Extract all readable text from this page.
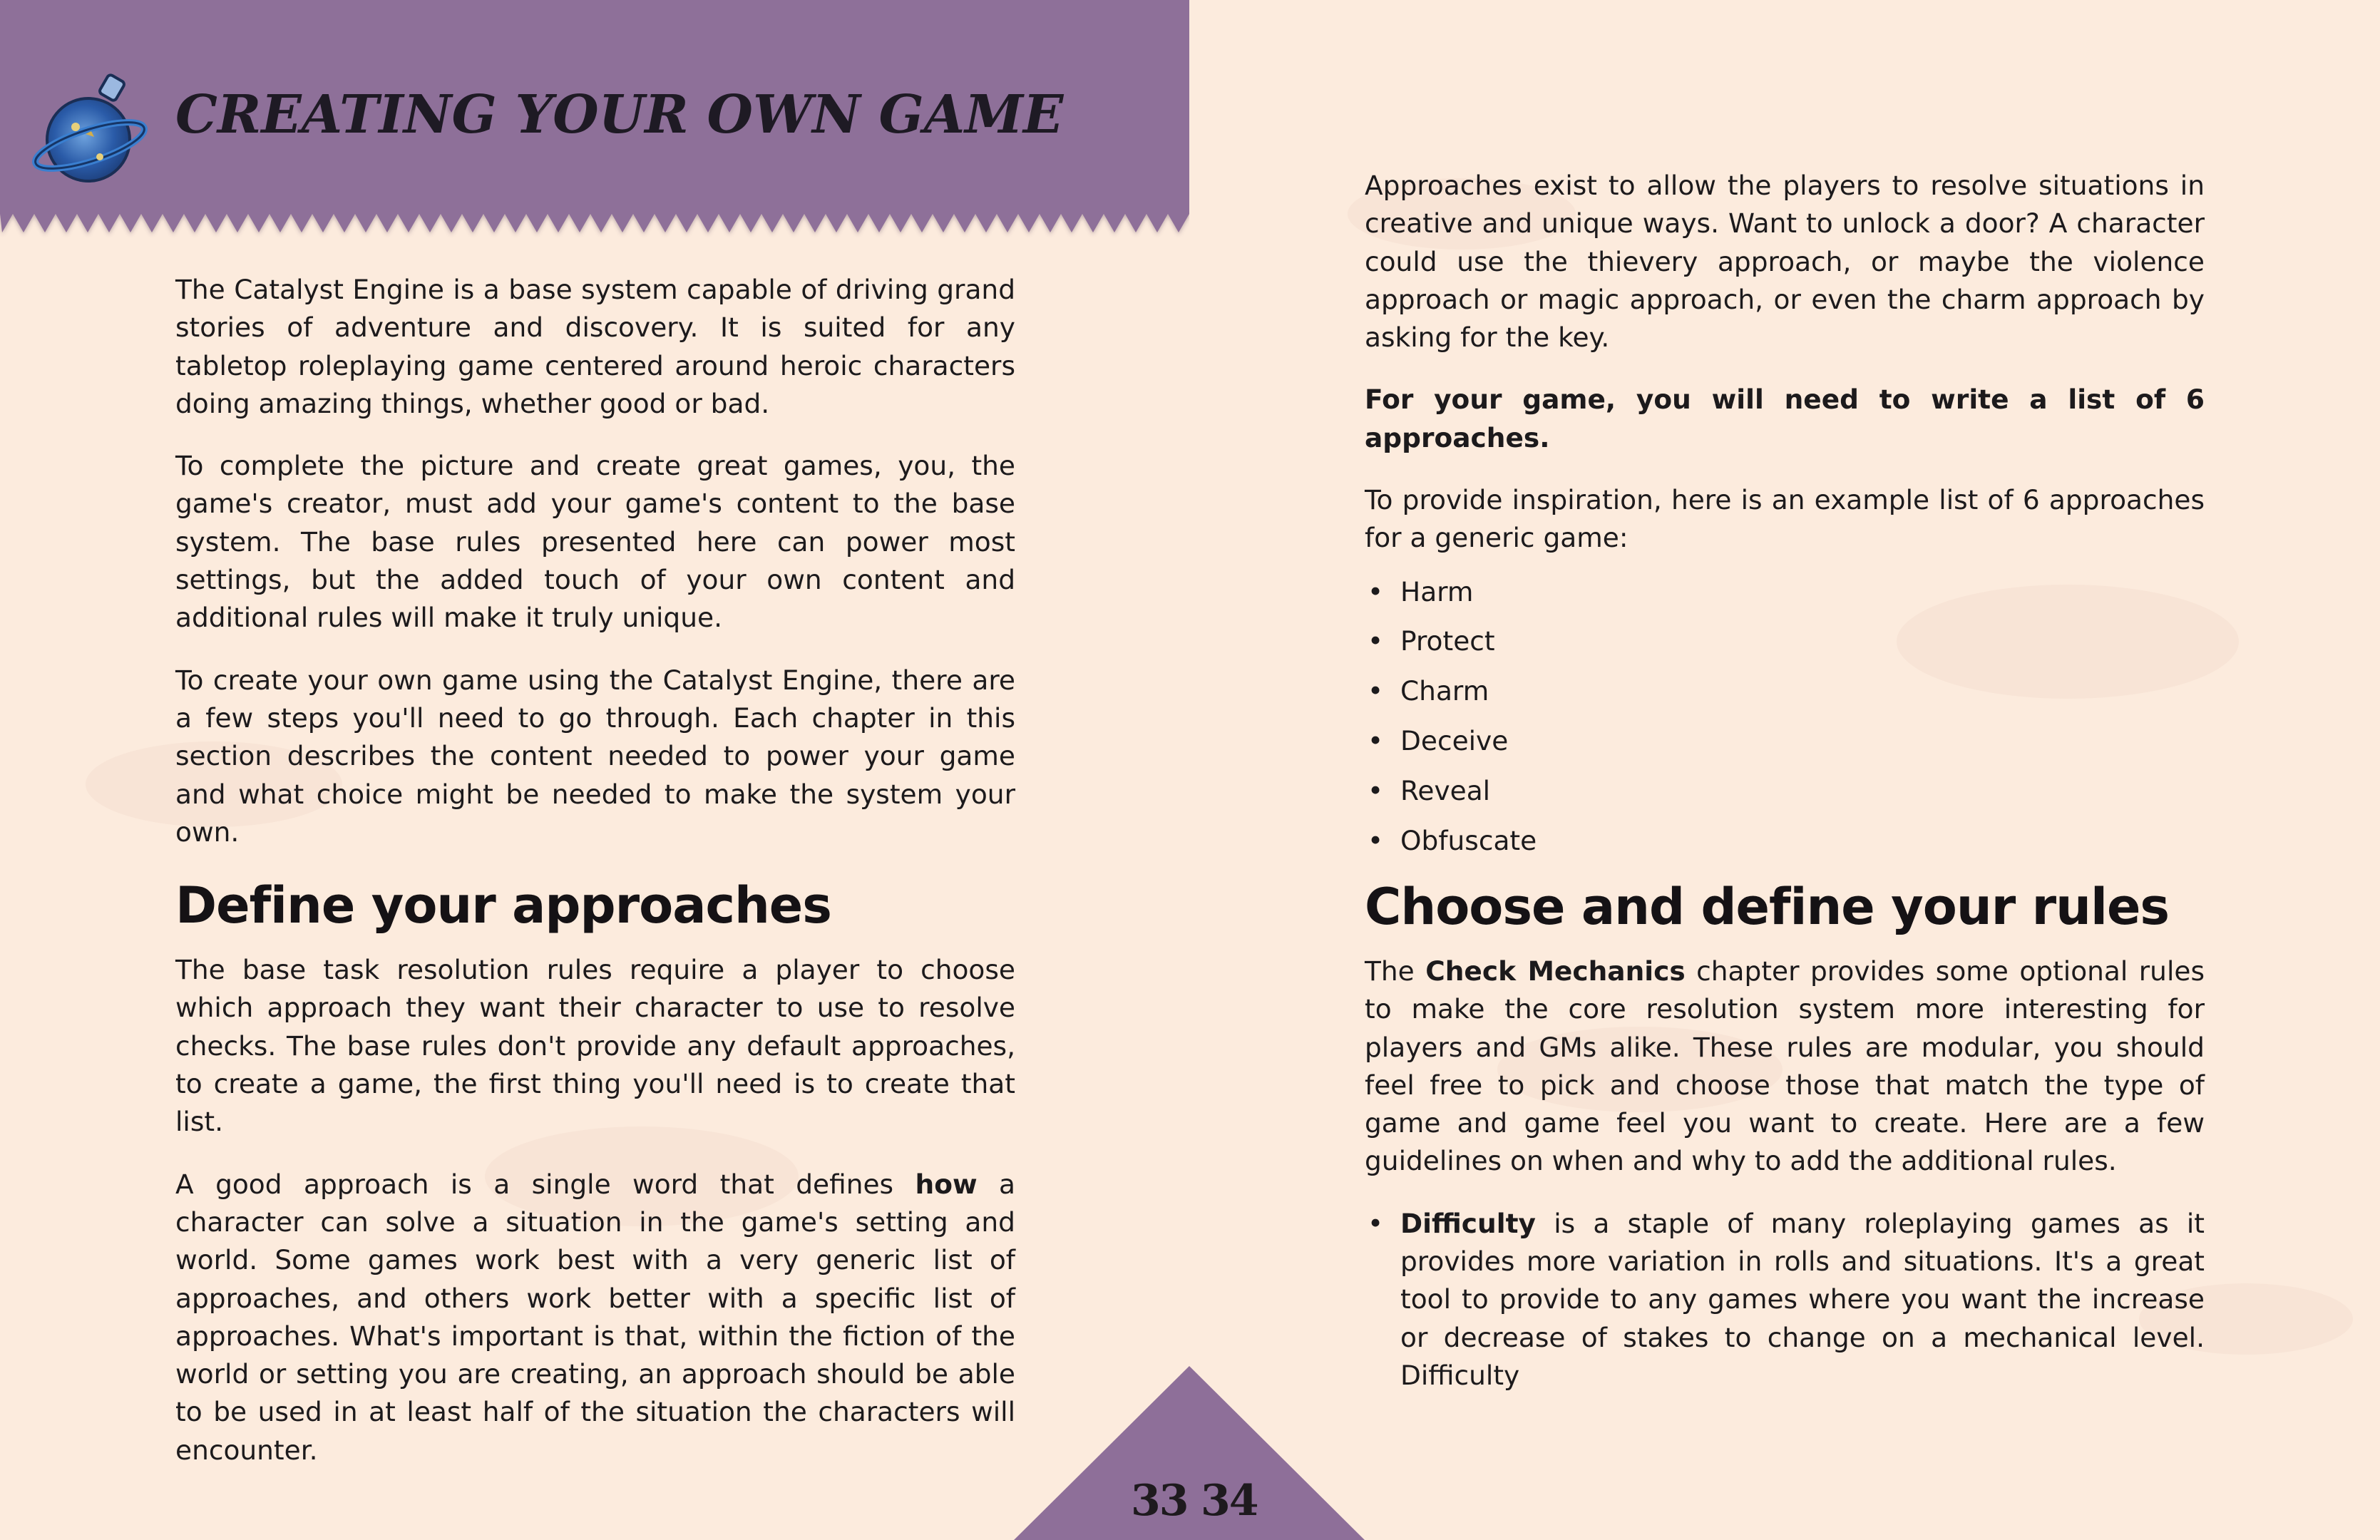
CREATING YOUR OWN GAME

The Catalyst Engine is a base system capable of driving grand stories of adventure and discovery. It is suited for any tabletop roleplaying game centered around heroic characters doing amazing things, whether good or bad.

To complete the picture and create great games, you, the game's creator, must add your game's content to the base system. The base rules presented here can power most settings, but the added touch of your own content and additional rules will make it truly unique.

To create your own game using the Catalyst Engine, there are a few steps you'll need to go through. Each chapter in this section describes the content needed to power your game and what choice might be needed to make the system your own.

Define your approaches

The base task resolution rules require a player to choose which approach they want their character to use to resolve checks. The base rules don't provide any default approaches, to create a game, the first thing you'll need is to create that list.

A good approach is a single word that defines how a character can solve a situation in the game's setting and world. Some games work best with a very generic list of approaches, and others work better with a specific list of approaches. What's important is that, within the fiction of the world or setting you are creating, an approach should be able to be used in at least half of the situation the characters will encounter.

Approaches exist to allow the players to resolve situations in creative and unique ways. Want to unlock a door? A character could use the thievery approach, or maybe the violence approach or magic approach, or even the charm approach by asking for the key.

For your game, you will need to write a list of 6 approaches.

To provide inspiration, here is an example list of 6 approaches for a generic game:

• Harm
• Protect
• Charm
• Deceive
• Reveal
• Obfuscate
Choose and define your rules

The Check Mechanics chapter provides some optional rules to make the core resolution system more interesting for players and GMs alike. These rules are modular, you should feel free to pick and choose those that match the type of game and game feel you want to create. Here are a few guidelines on when and why to add the additional rules.

• Difficulty is a staple of many roleplaying games as it provides more variation in rolls and situations. It's a great tool to provide to any games where you want the increase or decrease of stakes to change on a mechanical level. Difficulty
33 34
